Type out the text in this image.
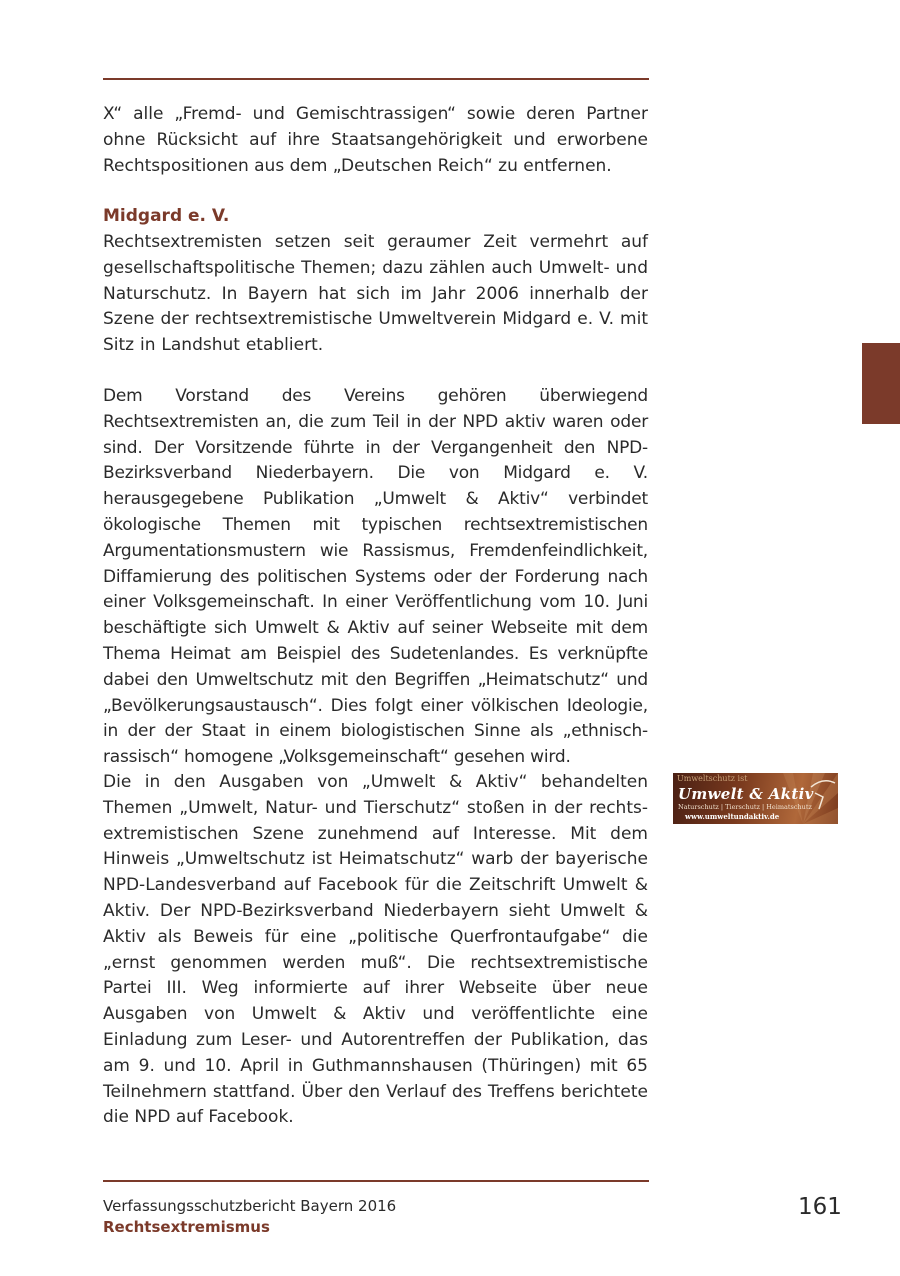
X“ alle „Fremd- und Gemischtrassigen“ sowie deren Partner ohne Rücksicht auf ihre Staatsangehörigkeit und erworbene Rechtspositionen aus dem „Deutschen Reich“ zu entfernen.

Midgard e. V.

Rechtsextremisten setzen seit geraumer Zeit vermehrt auf gesellschaftspolitische Themen; dazu zählen auch Umwelt- und Naturschutz. In Bayern hat sich im Jahr 2006 innerhalb der Szene der rechtsextremistische Umweltverein Midgard e. V. mit Sitz in Landshut etabliert.

Dem Vorstand des Vereins gehören überwiegend Rechtsextremisten an, die zum Teil in der NPD aktiv waren oder sind. Der Vorsitzende führte in der Vergangenheit den NPD-Bezirksverband Niederbayern. Die von Midgard e. V. herausgegebene Publikation „Umwelt & Aktiv“ verbindet ökologische Themen mit typischen rechtsextremistischen Argumentationsmustern wie Rassismus, Fremdenfeindlichkeit, Diffamierung des politischen Systems oder der Forderung nach einer Volksgemeinschaft. In einer Veröffentlichung vom 10. Juni beschäftigte sich Umwelt & Aktiv auf seiner Webseite mit dem Thema Heimat am Beispiel des Sudetenlandes. Es verknüpfte dabei den Umweltschutz mit den Begriffen „Heimatschutz“ und „Bevölkerungsaustausch“. Dies folgt einer völkischen Ideologie, in der der Staat in einem biologistischen Sinne als „ethnisch-rassisch“ homogene „Volksgemeinschaft“ gesehen wird.

Die in den Ausgaben von „Umwelt & Aktiv“ behandelten Themen „Umwelt, Natur- und Tierschutz“ stoßen in der rechtsextremistischen Szene zunehmend auf Interesse. Mit dem Hinweis „Umweltschutz ist Heimatschutz“ warb der bayerische NPD-Landesverband auf Facebook für die Zeitschrift Umwelt & Aktiv. Der NPD-Bezirksverband Niederbayern sieht Umwelt & Aktiv als Beweis für eine „politische Querfrontaufgabe“ die „ernst genommen werden muß“. Die rechtsextremistische Partei III. Weg informierte auf ihrer Webseite über neue Ausgaben von Umwelt & Aktiv und veröffentlichte eine Einladung zum Leser- und Autorentreffen der Publikation, das am 9. und 10. April in Guthmannshausen (Thüringen) mit 65 Teilnehmern stattfand. Über den Verlauf des Treffens berichtete die NPD auf Facebook.

Umweltschutz ist
Umwelt & Aktiv
Naturschutz | Tierschutz | Heimatschutz
www.umweltundaktiv.de
Verfassungsschutzbericht Bayern 2016
Rechtsextremismus
161
